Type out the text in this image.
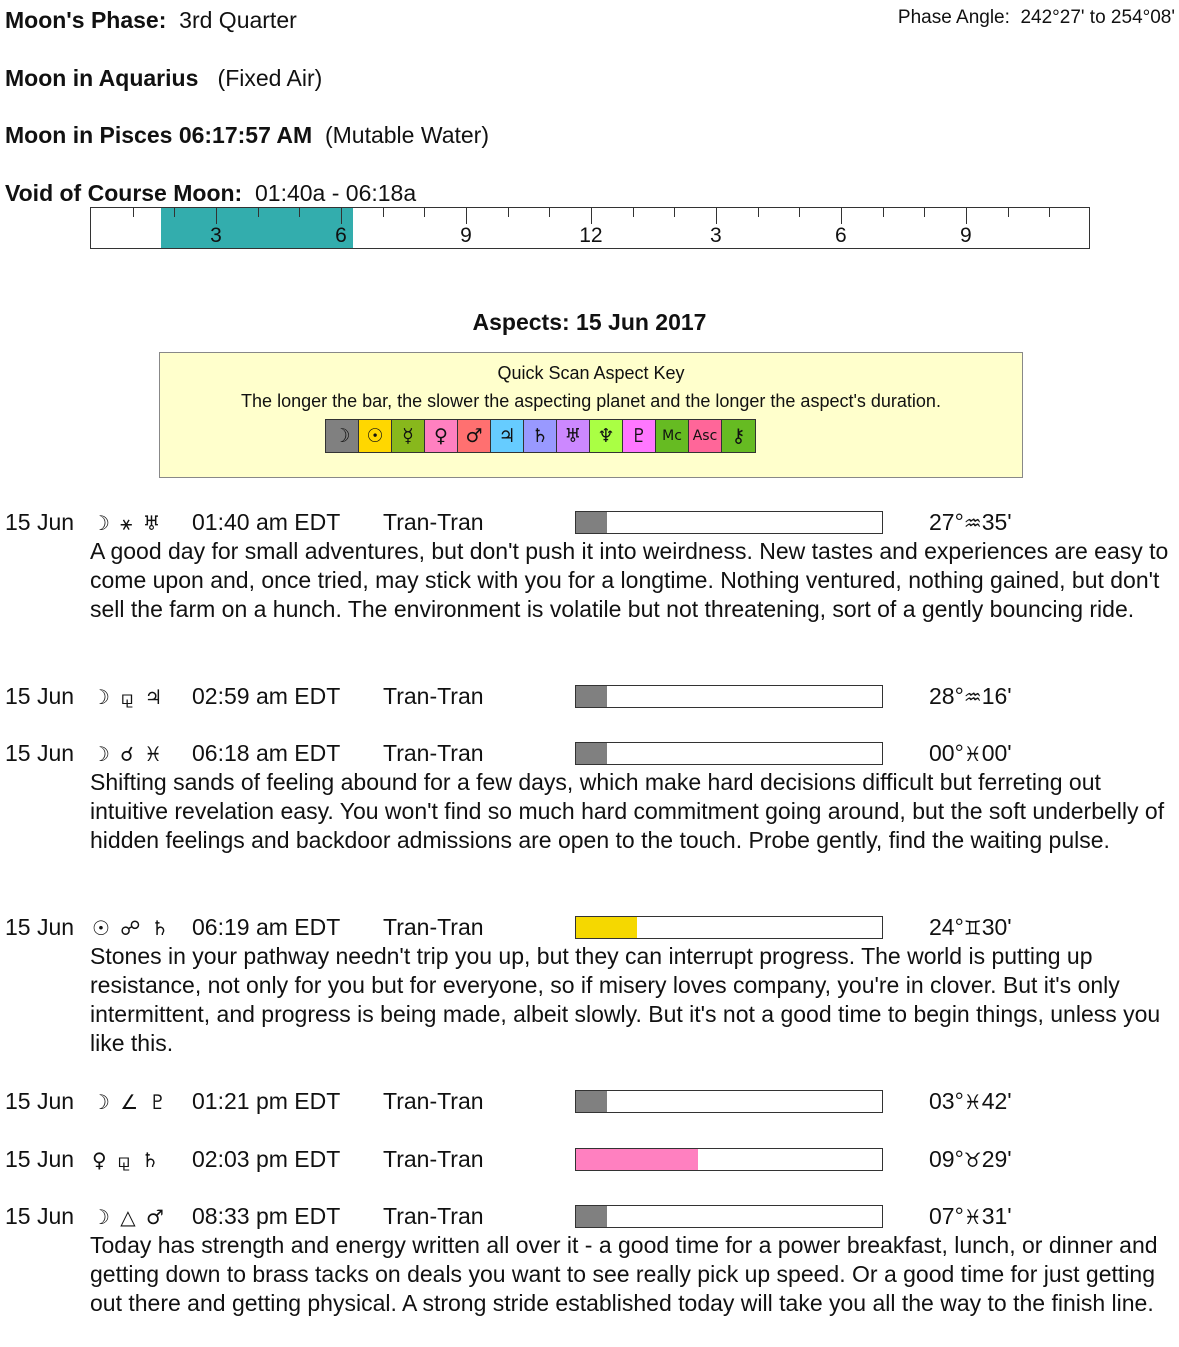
Moon's Phase: 3rd Quarter	Phase Angle: 242°27' to 254°08'
Moon in Aquarius (Fixed Air)
Moon in Pisces 06:17:57 AM (Mutable Water)
Void of Course Moon: 01:40a - 06:18a
3	6	9	12	3	6	9
Aspects: 15 Jun 2017
Quick Scan Aspect Key
The longer the bar, the slower the aspecting planet and the longer the aspect's duration.
☽ ☉ ☿	♀ ♂ ♃ ♄ ♅ ♆ ♇	Mc Asc ⚷
15 Jun ☽ ⚹ ♅ 01:40 am EDT Tran-Tran	27°♒35'
A good day for small adventures, but don't push it into weirdness. New tastes and experiences are easy to come upon and, once tried, may stick with you for a longtime. Nothing ventured, nothing gained, but don't sell the farm on a hunch. The environment is volatile but not threatening, sort of a gently bouncing ride.
15 Jun ☽ ⚼ ♃ 02:59 am EDT Tran-Tran	28°♒16'
15 Jun ☽ ☌ ♓ 06:18 am EDT Tran-Tran	00°♓00'
Shifting sands of feeling abound for a few days, which make hard decisions difficult but ferreting out intuitive revelation easy. You won't find so much hard commitment going around, but the soft underbelly of hidden feelings and backdoor admissions are open to the touch. Probe gently, find the waiting pulse.
15 Jun ☉ ☍ ♄ 06:19 am EDT Tran-Tran	24°♊30'
Stones in your pathway needn't trip you up, but they can interrupt progress. The world is putting up resistance, not only for you but for everyone, so if misery loves company, you're in clover. But it's only intermittent, and progress is being made, albeit slowly. But it's not a good time to begin things, unless you like this.
15 Jun ☽ ∠ ♇ 01:21 pm EDT Tran-Tran	03°♓42'
15 Jun ♀ ⚼ ♄ 02:03 pm EDT Tran-Tran	09°♉29'
15 Jun ☽ △ ♂ 08:33 pm EDT Tran-Tran	07°♓31'
Today has strength and energy written all over it - a good time for a power breakfast, lunch, or dinner and getting down to brass tacks on deals you want to see really pick up speed. Or a good time for just getting out there and getting physical. A strong stride established today will take you all the way to the finish line.
